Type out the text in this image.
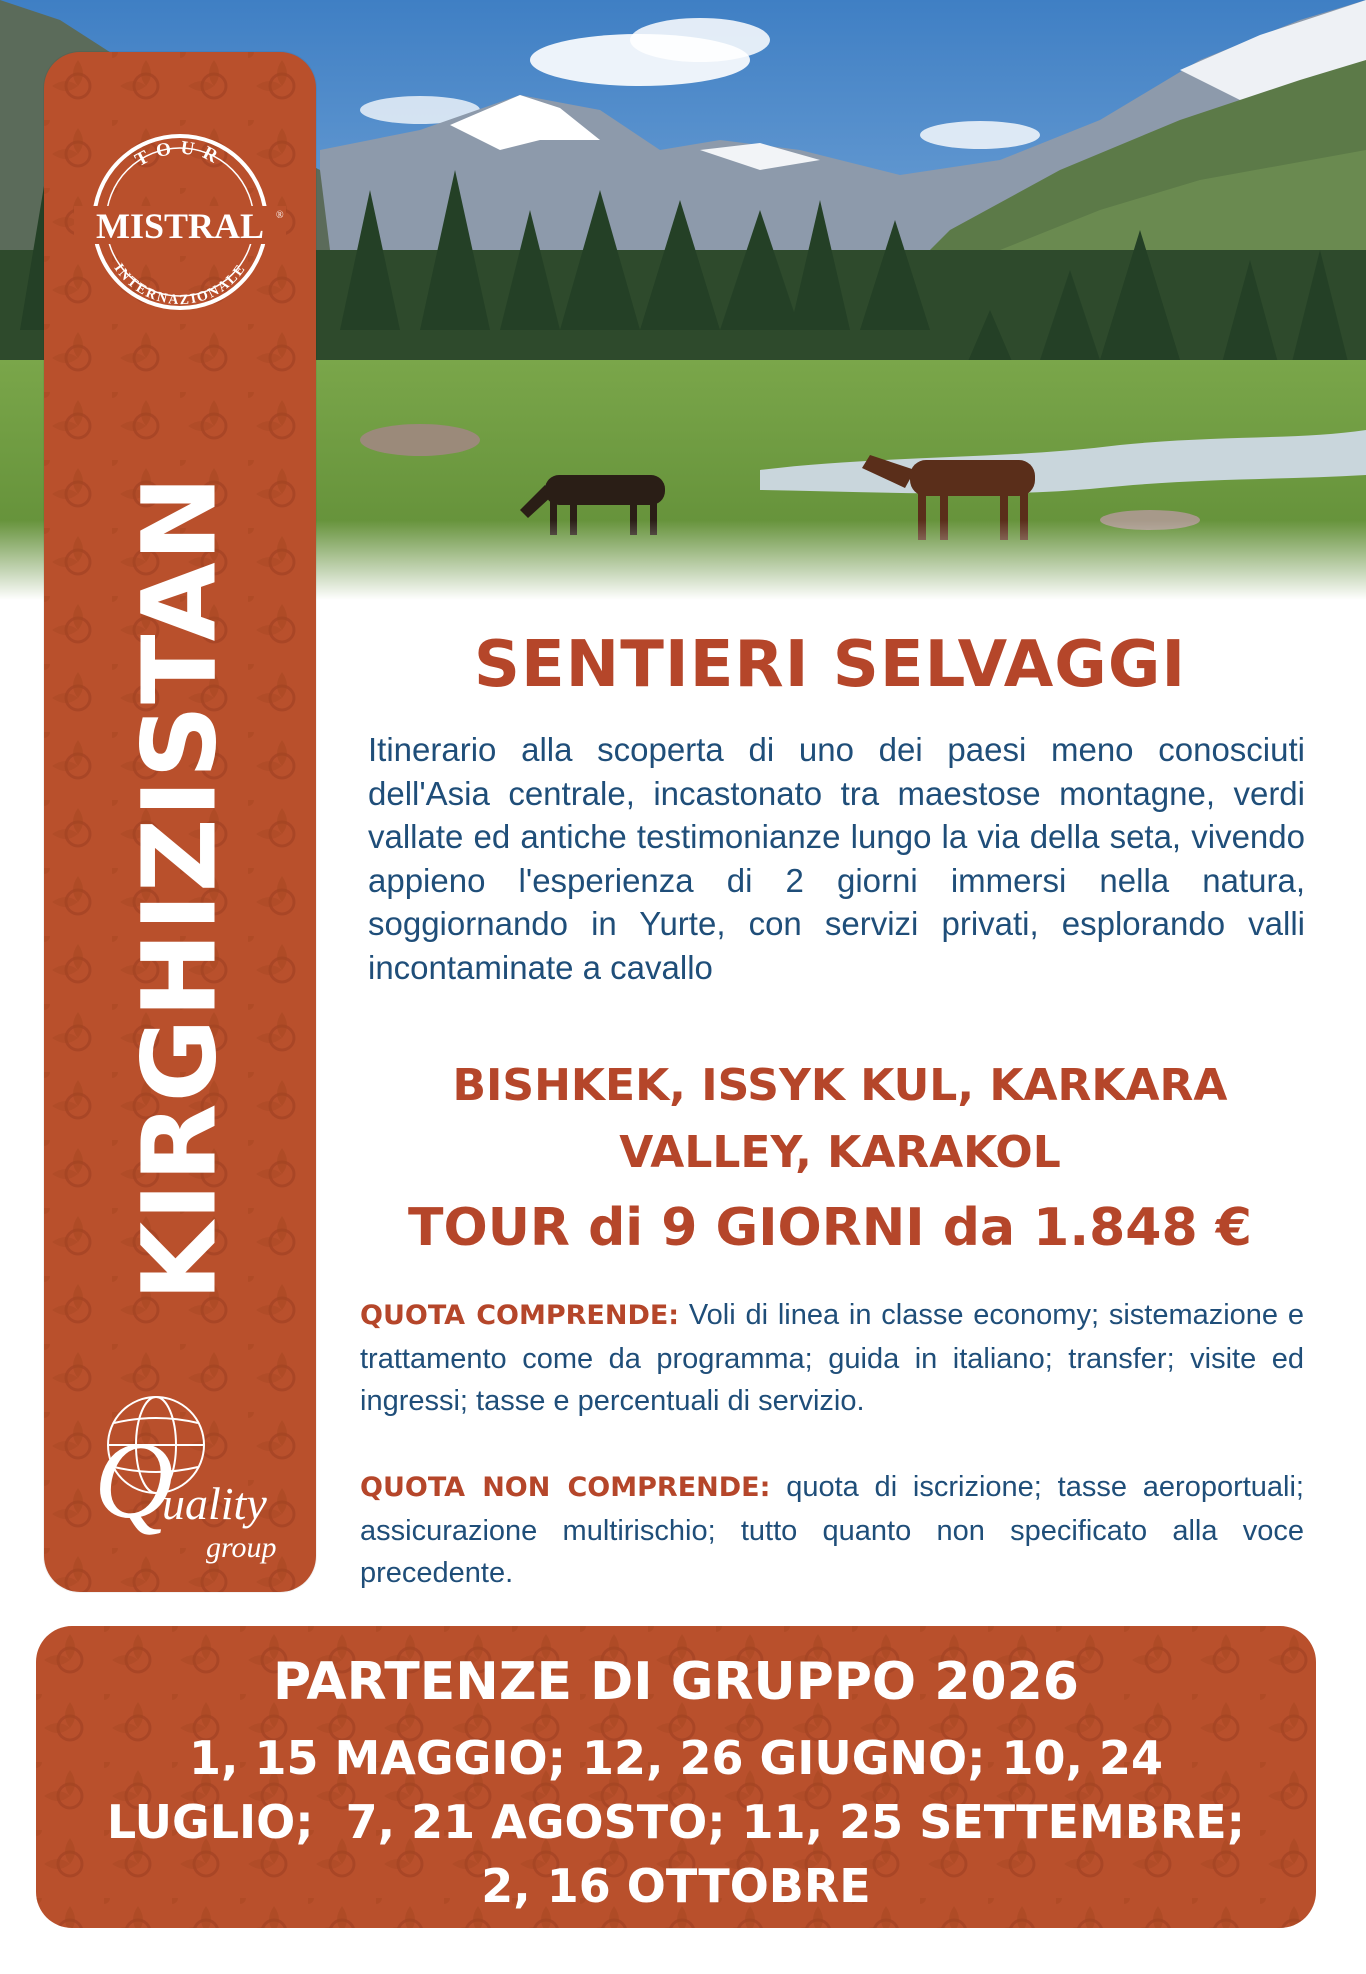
TOUR
MISTRAL ®
INTERNAZIONALE
KIRGHIZISTAN
Q
uality
group
SENTIERI SELVAGGI
Itinerario alla scoperta di uno dei paesi meno conosciuti dell'Asia centrale, incastonato tra maestose montagne, verdi vallate ed antiche testimonianze lungo la via della seta, vivendo appieno l'esperienza di 2 giorni immersi nella natura, soggiornando in Yurte, con servizi privati, esplorando valli incontaminate a cavallo
BISHKEK, ISSYK KUL, KARKARA
VALLEY, KARAKOL
TOUR di 9 GIORNI da 1.848 €
QUOTA COMPRENDE: Voli di linea in classe economy; sistemazione e trattamento come da programma; guida in italiano; transfer; visite ed ingressi; tasse e percentuali di servizio.
QUOTA NON COMPRENDE: quota di iscrizione; tasse aeroportuali; assicurazione multirischio; tutto quanto non specificato alla voce precedente.
PARTENZE DI GRUPPO 2026
1, 15 MAGGIO; 12, 26 GIUGNO; 10, 24
LUGLIO;  7, 21 AGOSTO; 11, 25 SETTEMBRE;
2, 16 OTTOBRE
